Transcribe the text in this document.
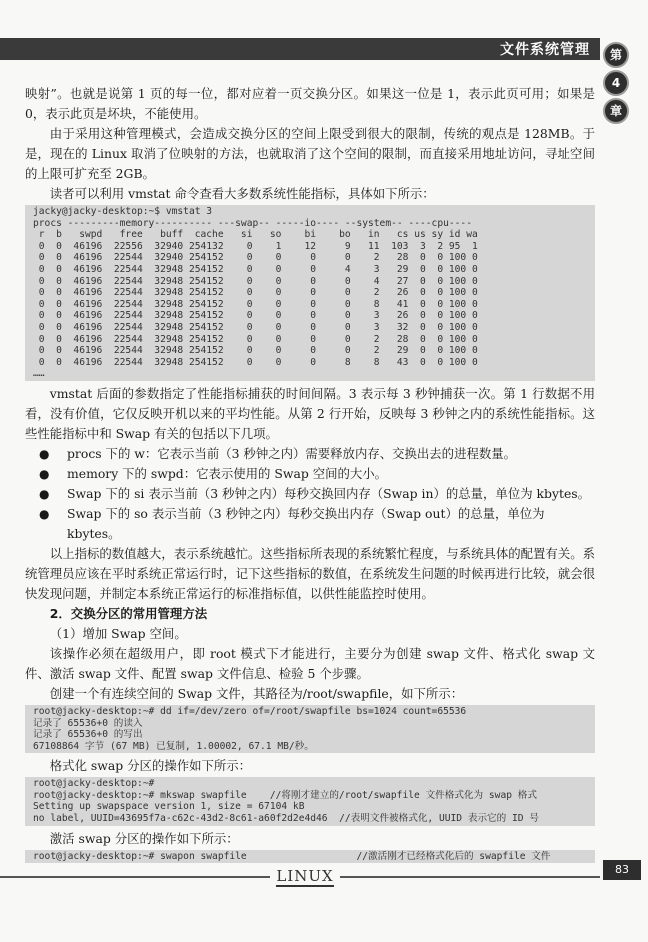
文件系统管理	第
4
章

映射”。也就是说第 1 页的每一位，都对应着一页交换分区。如果这一位是 1，表示此页可用；如果是 0，表示此页是坏块，不能使用。

由于采用这种管理模式，会造成交换分区的空间上限受到很大的限制，传统的观点是 128MB。于是，现在的 Linux 取消了位映射的方法，也就取消了这个空间的限制，而直接采用地址访问，寻址空间的上限可扩充至 2GB。

读者可以利用 vmstat 命令查看大多数系统性能指标，具体如下所示：

jacky@jacky-desktop:~$ vmstat 3
procs ---------memory---------- ---swap-- -----io---- --system-- ----cpu----
r  b   swpd   free   buff  cache   si   so    bi    bo   in   cs us sy id wa
0  0  46196  22556  32940 254132    0    1    12     9   11  103  3  2 95  1
0  0  46196  22544  32940 254152    0    0     0     0    2   28  0  0 100 0
0  0  46196  22544  32948 254152    0    0     0     4    3   29  0  0 100 0
0  0  46196  22544  32948 254152    0    0     0     0    4   27  0  0 100 0
0  0  46196  22544  32948 254152    0    0     0     0    2   26  0  0 100 0
0  0  46196  22544  32948 254152    0    0     0     0    8   41  0  0 100 0
0  0  46196  22544  32948 254152    0    0     0     0    3   26  0  0 100 0
0  0  46196  22544  32948 254152    0    0     0     0    3   32  0  0 100 0
0  0  46196  22544  32948 254152    0    0     0     0    2   28  0  0 100 0
0  0  46196  22544  32948 254152    0    0     0     0    2   29  0  0 100 0
0  0  46196  22544  32948 254152    0    0     0     8    8   43  0  0 100 0
……

vmstat 后面的参数指定了性能指标捕获的时间间隔。3 表示每 3 秒钟捕获一次。第 1 行数据不用看，没有价值，它仅反映开机以来的平均性能。从第 2 行开始，反映每 3 秒钟之内的系统性能指标。这些性能指标中和 Swap 有关的包括以下几项。

●	procs 下的 w：它表示当前（3 秒钟之内）需要释放内存、交换出去的进程数量。
●	memory 下的 swpd：它表示使用的 Swap 空间的大小。
●	Swap 下的 si 表示当前（3 秒钟之内）每秒交换回内存（Swap in）的总量，单位为 kbytes。
●	Swap 下的 so 表示当前（3 秒钟之内）每秒交换出内存（Swap out）的总量，单位为 kbytes。

以上指标的数值越大，表示系统越忙。这些指标所表现的系统繁忙程度，与系统具体的配置有关。系统管理员应该在平时系统正常运行时，记下这些指标的数值，在系统发生问题的时候再进行比较，就会很快发现问题，并制定本系统正常运行的标准指标值，以供性能监控时使用。

2．交换分区的常用管理方法

（1）增加 Swap 空间。

该操作必须在超级用户，即 root 模式下才能进行，主要分为创建 swap 文件、格式化 swap 文件、激活 swap 文件、配置 swap 文件信息、检验 5 个步骤。

创建一个有连续空间的 Swap 文件，其路径为/root/swapfile，如下所示：

root@jacky-desktop:~# dd if=/dev/zero of=/root/swapfile bs=1024 count=65536
记录了 65536+0 的读入
记录了 65536+0 的写出
67108864 字节 (67 MB) 已复制, 1.00002, 67.1 MB/秒。

格式化 swap 分区的操作如下所示：

root@jacky-desktop:~#
root@jacky-desktop:~# mkswap swapfile    //将刚才建立的/root/swapfile 文件格式化为 swap 格式
Setting up swapspace version 1, size = 67104 kB
no label, UUID=43695f7a-c62c-43d2-8c61-a60f2d2e4d46  //表明文件被格式化, UUID 表示它的 ID 号

激活 swap 分区的操作如下所示：

root@jacky-desktop:~# swapon swapfile                   //激活刚才已经格式化后的 swapfile 文件
LINUX	83
